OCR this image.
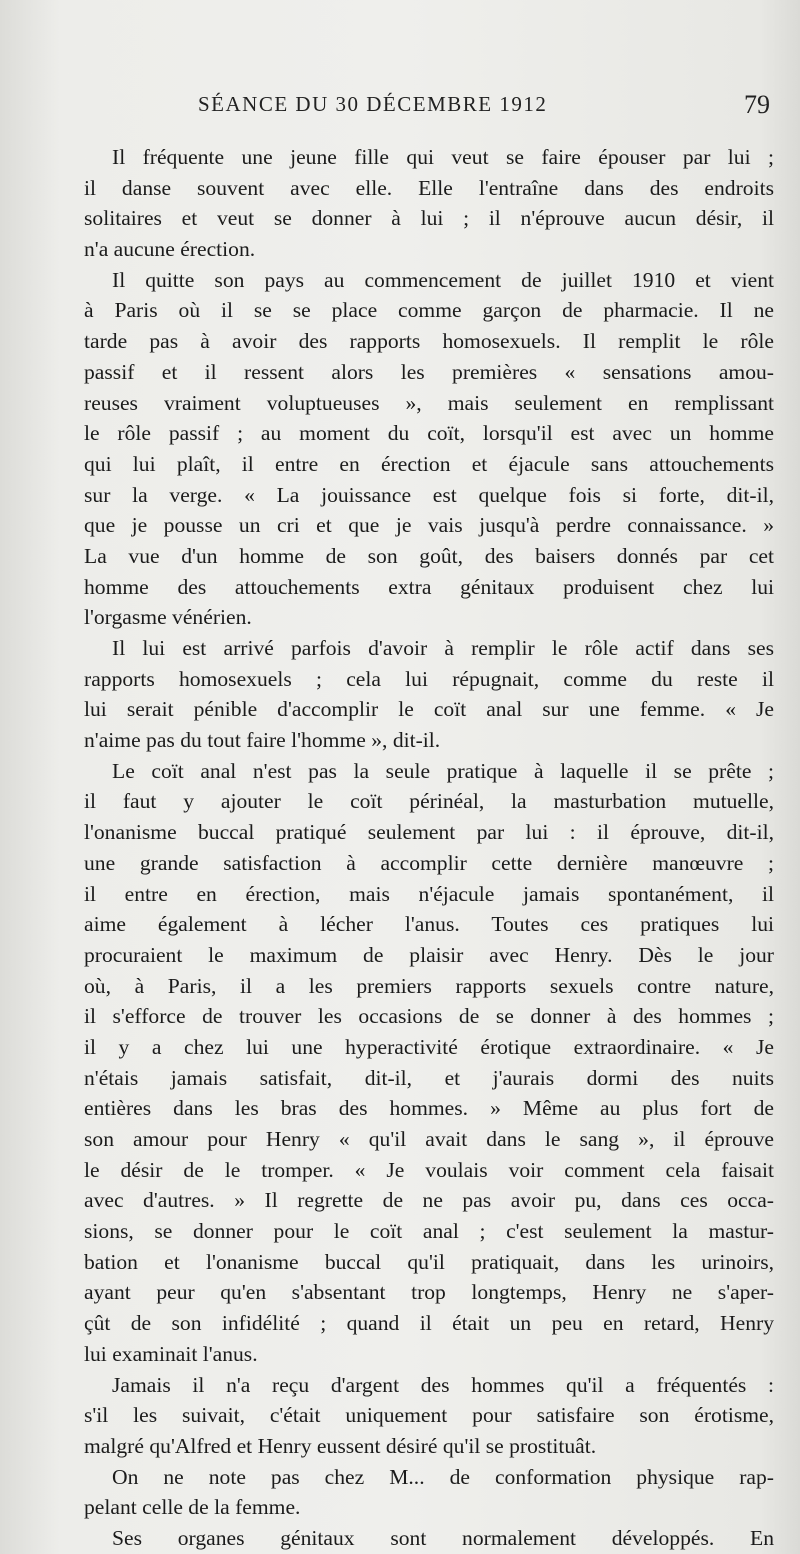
SÉANCE DU 30 DÉCEMBRE 1912	79
Il fréquente une jeune fille qui veut se faire épouser par lui ;
il danse souvent avec elle. Elle l'entraîne dans des endroits
solitaires et veut se donner à lui ; il n'éprouve aucun désir, il
n'a aucune érection.
Il quitte son pays au commencement de juillet 1910 et vient
à Paris où il se se place comme garçon de pharmacie. Il ne
tarde pas à avoir des rapports homosexuels. Il remplit le rôle
passif et il ressent alors les premières « sensations amou-
reuses vraiment voluptueuses », mais seulement en remplissant
le rôle passif ; au moment du coït, lorsqu'il est avec un homme
qui lui plaît, il entre en érection et éjacule sans attouchements
sur la verge. « La jouissance est quelque fois si forte, dit-il,
que je pousse un cri et que je vais jusqu'à perdre connaissance. »
La vue d'un homme de son goût, des baisers donnés par cet
homme des attouchements extra génitaux produisent chez lui
l'orgasme vénérien.
Il lui est arrivé parfois d'avoir à remplir le rôle actif dans ses
rapports homosexuels ; cela lui répugnait, comme du reste il
lui serait pénible d'accomplir le coït anal sur une femme. « Je
n'aime pas du tout faire l'homme », dit-il.
Le coït anal n'est pas la seule pratique à laquelle il se prête ;
il faut y ajouter le coït périnéal, la masturbation mutuelle,
l'onanisme buccal pratiqué seulement par lui : il éprouve, dit-il,
une grande satisfaction à accomplir cette dernière manœuvre ;
il entre en érection, mais n'éjacule jamais spontanément, il
aime également à lécher l'anus. Toutes ces pratiques lui
procuraient le maximum de plaisir avec Henry. Dès le jour
où, à Paris, il a les premiers rapports sexuels contre nature,
il s'efforce de trouver les occasions de se donner à des hommes ;
il y a chez lui une hyperactivité érotique extraordinaire. « Je
n'étais jamais satisfait, dit-il, et j'aurais dormi des nuits
entières dans les bras des hommes. » Même au plus fort de
son amour pour Henry « qu'il avait dans le sang », il éprouve
le désir de le tromper. « Je voulais voir comment cela faisait
avec d'autres. » Il regrette de ne pas avoir pu, dans ces occa-
sions, se donner pour le coït anal ; c'est seulement la mastur-
bation et l'onanisme buccal qu'il pratiquait, dans les urinoirs,
ayant peur qu'en s'absentant trop longtemps, Henry ne s'aper-
çût de son infidélité ; quand il était un peu en retard, Henry
lui examinait l'anus.
Jamais il n'a reçu d'argent des hommes qu'il a fréquentés :
s'il les suivait, c'était uniquement pour satisfaire son érotisme,
malgré qu'Alfred et Henry eussent désiré qu'il se prostituât.
On ne note pas chez M... de conformation physique rap-
pelant celle de la femme.
Ses organes génitaux sont normalement développés. En
